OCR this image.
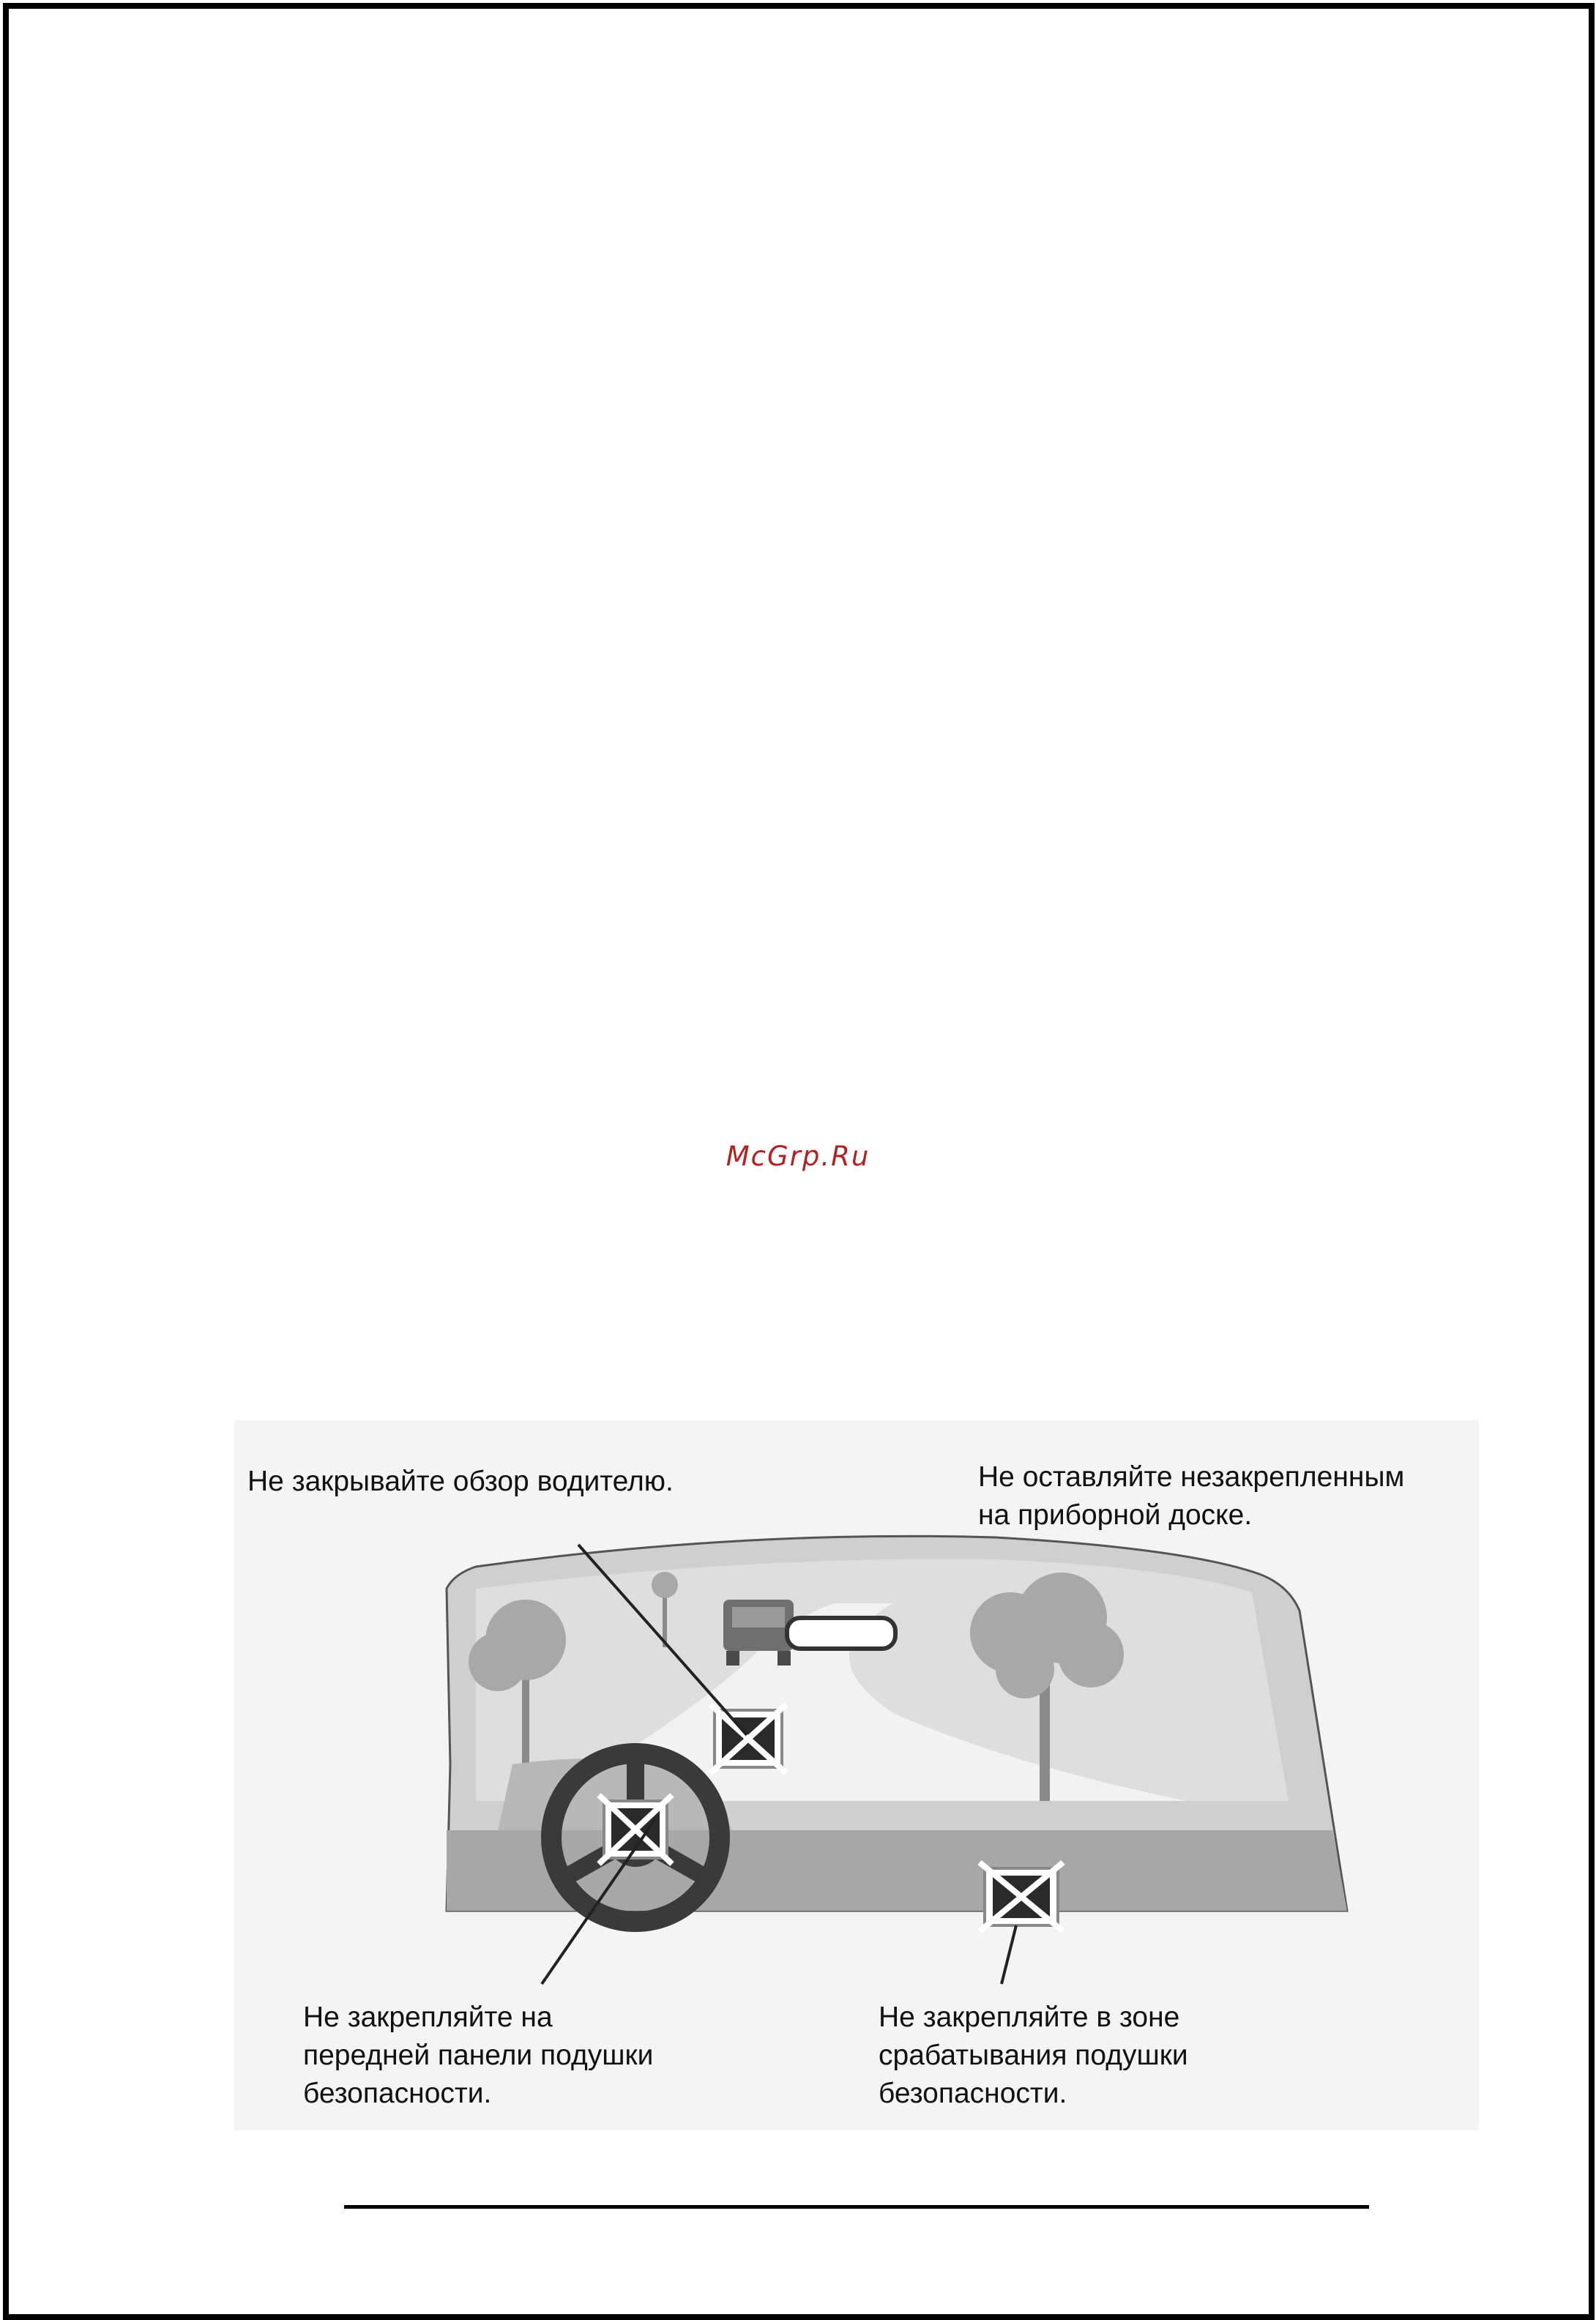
McGrp.Ru
Не закрывайте обзор водителю.	Не оставляйте незакрепленным
на приборной доске.
Не закрепляйте на
передней панели подушки
безопасности.
Не закрепляйте в зоне
срабатывания подушки
безопасности.
